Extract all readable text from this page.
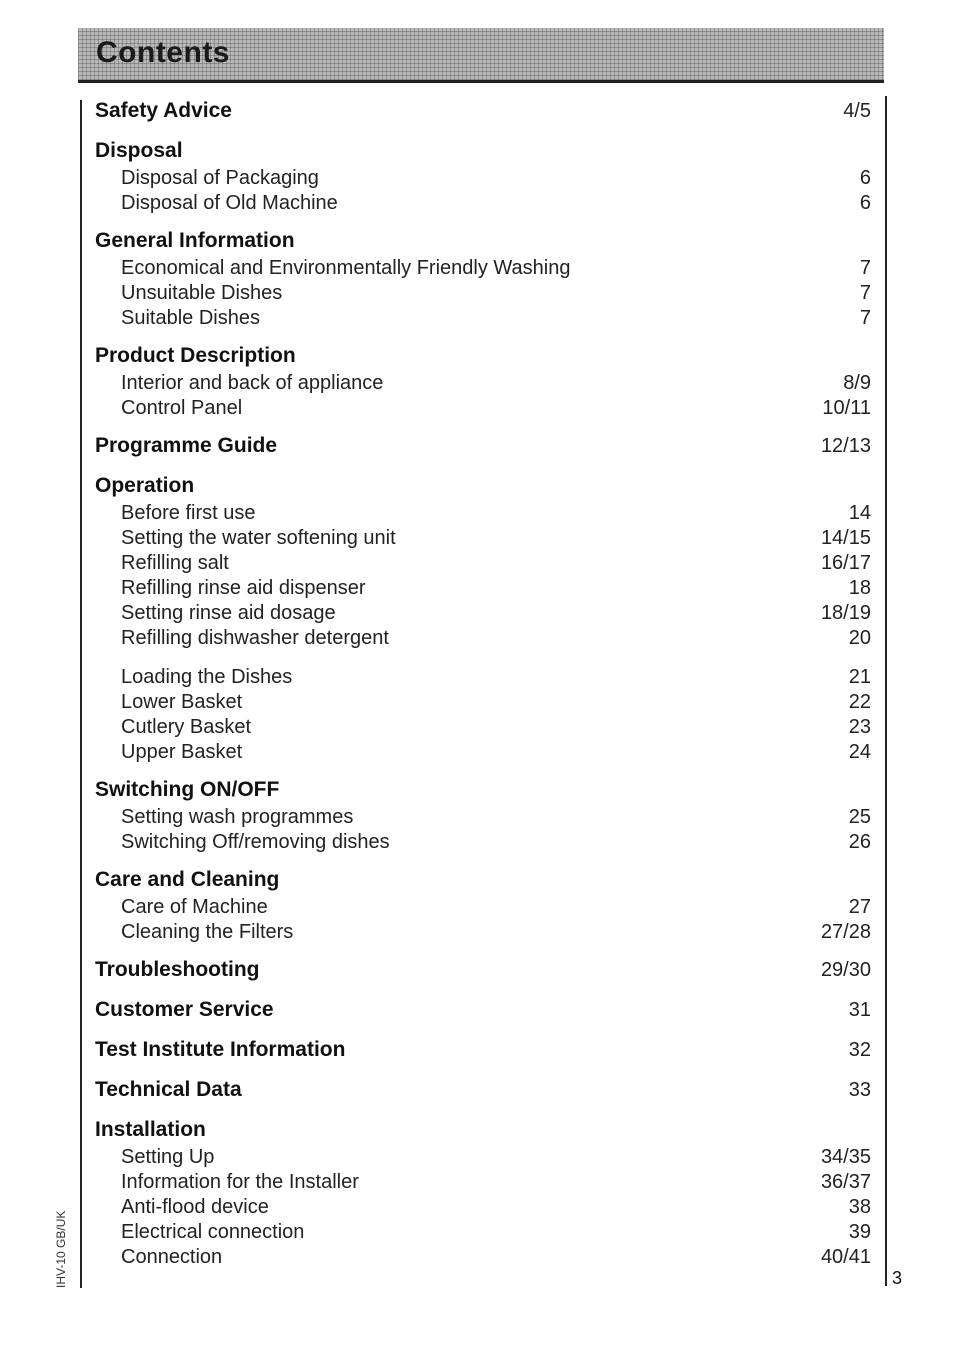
Contents
Safety Advice	4/5
Disposal
Disposal of Packaging	6
Disposal of Old Machine	6
General Information
Economical and Environmentally Friendly Washing	7
Unsuitable Dishes	7
Suitable Dishes	7
Product Description
Interior and back of appliance	8/9
Control Panel	10/11
Programme Guide	12/13
Operation
Before first use	14
Setting the water softening unit	14/15
Refilling salt	16/17
Refilling rinse aid dispenser	18
Setting rinse aid dosage	18/19
Refilling dishwasher detergent	20
Loading the Dishes	21
Lower Basket	22
Cutlery Basket	23
Upper Basket	24
Switching ON/OFF
Setting wash programmes	25
Switching Off/removing dishes	26
Care and Cleaning
Care of Machine	27
Cleaning the Filters	27/28
Troubleshooting	29/30
Customer Service	31
Test Institute Information	32
Technical Data	33
Installation
Setting Up	34/35
Information for the Installer	36/37
Anti-flood device	38
Electrical connection	39
Connection	40/41
IHV-10 GB/UK	3
